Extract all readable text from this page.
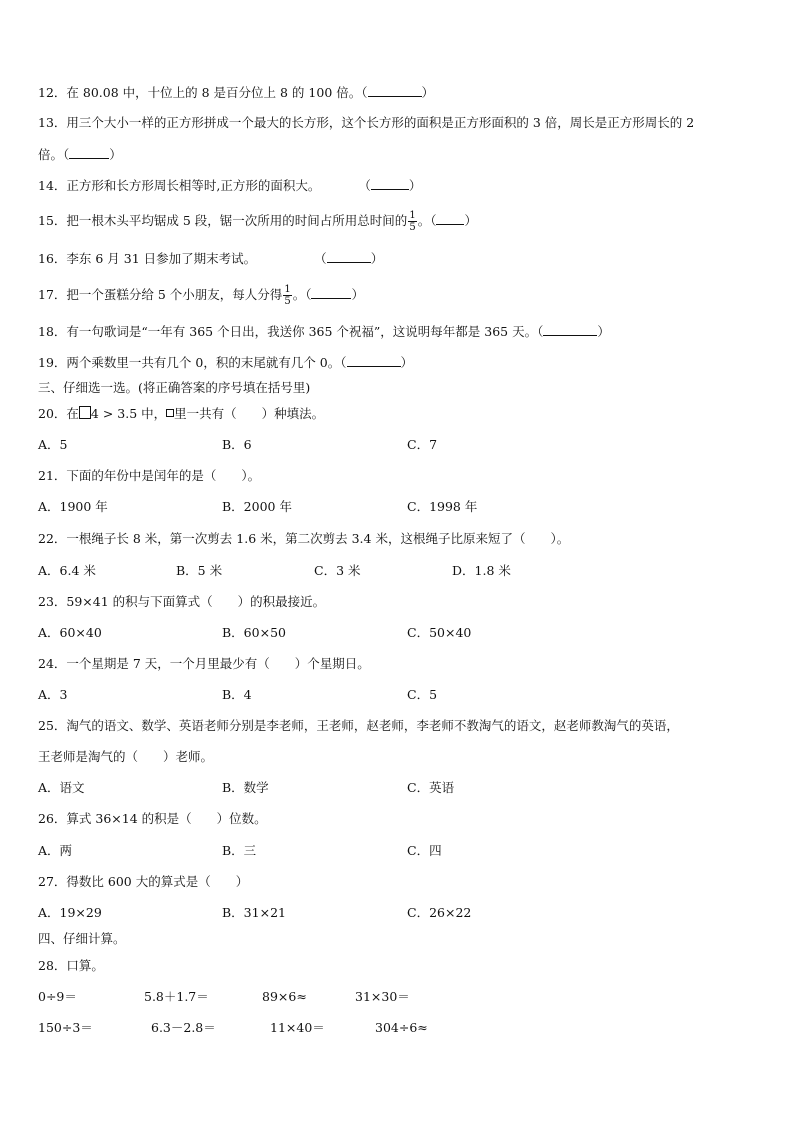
12．在 80.08 中，十位上的 8 是百分位上 8 的 100 倍。（	）
13．用三个大小一样的正方形拼成一个最大的长方形，这个长方形的面积是正方形面积的 3 倍，周长是正方形周长的 2
倍。（	）
14．正方形和长方形周长相等时,正方形的面积大。	（	）
15．把一根木头平均锯成 5 段，锯一次所用的时间占所用总时间的 $\frac{1}{5}$ 。（ ）
16．李东 6 月 31 日参加了期末考试。	（	）
17．把一个蛋糕分给 5 个小朋友，每人分得 $\frac{1}{5}$ 。（	）
18．有一句歌词是“一年有 365 个日出，我送你 365 个祝福”，这说明每年都是 365 天。（	）
19．两个乘数里一共有几个 0，积的末尾就有几个 0。（	）
三、仔细选一选。(将正确答案的序号填在括号里)
20．在 4 > 3.5 中， 里一共有（　　）种填法。
A．5	B．6	C．7
21．下面的年份中是闰年的是（　　）。
A．1900 年	B．2000 年	C．1998 年
22．一根绳子长 8 米，第一次剪去 1.6 米，第二次剪去 3.4 米，这根绳子比原来短了（　　）。
A．6.4 米	B．5 米	C．3 米	D．1.8 米
23．59×41 的积与下面算式（　　）的积最接近。
A．60×40	B．60×50	C．50×40
24．一个星期是 7 天，一个月里最少有（　　）个星期日。
A．3	B．4	C．5
25．淘气的语文、数学、英语老师分别是李老师，王老师，赵老师，李老师不教淘气的语文，赵老师教淘气的英语，
王老师是淘气的（　　）老师。
A．语文	B．数学	C．英语
26．算式 36×14 的积是（　　）位数。
A．两	B．三	C．四
27．得数比 600 大的算式是（　　）
A．19×29	B．31×21	C．26×22
四、仔细计算。
28．口算。
0÷9＝	5.8＋1.7＝	89×6≈	31×30＝
150÷3＝	6.3－2.8＝	11×40＝	304÷6≈
